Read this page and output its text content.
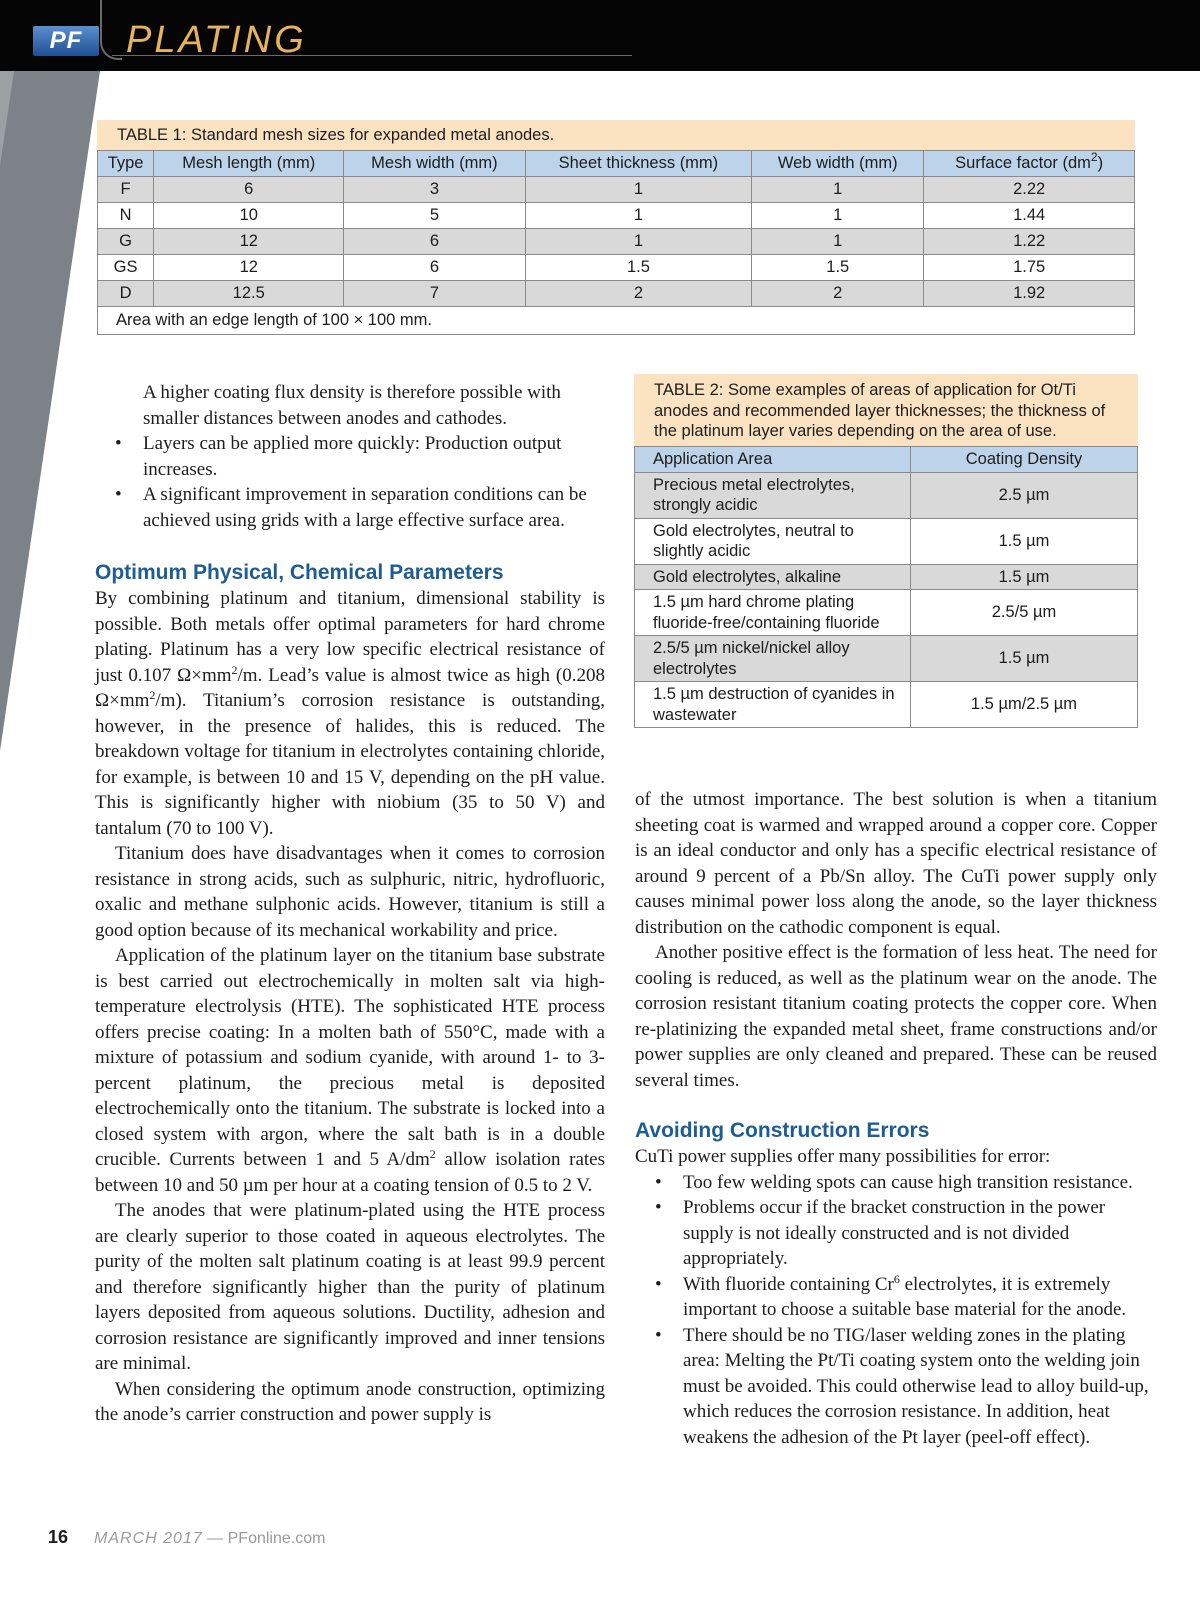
PF	PLATING
TABLE 1: Standard mesh sizes for expanded metal anodes.
Type	Mesh length (mm)	Mesh width (mm)	Sheet thickness (mm)	Web width (mm)	Surface factor $(dm^2)$
F	6	3	1	1	2.22
N	10	5	1	1	1.44
G	12	6	1	1	1.22
GS	12	6	1.5	1.5	1.75
D	12.5	7	2	2	1.92
Area with an edge length of 100 × 100 mm.					
TABLE 2: Some examples of areas of application for Ot/Ti anodes and recommended layer thicknesses; the thickness of the platinum layer varies depending on the area of use.
Application Area	Coating Density
Precious metal electrolytes, strongly acidic	2.5 µm
Gold electrolytes, neutral to slightly acidic	1.5 µm
Gold electrolytes, alkaline	1.5 µm
1.5 µm hard chrome plating fluoride-free/containing fluoride	2.5/5 µm
2.5/5 µm nickel/nickel alloy electrolytes	1.5 µm
1.5 µm destruction of cyanides in wastewater	1.5 µm/2.5 µm

A higher coating flux density is therefore possible with smaller distances between anodes and cathodes.

• Layers can be applied more quickly: Production output increases.
• A significant improvement in separation conditions can be achieved using grids with a large effective surface area.
Optimum Physical, Chemical Parameters

By combining platinum and titanium, dimensional stability is possible. Both metals offer optimal parameters for hard chrome plating. Platinum has a very low specific electrical resistance of just 0.107 $\Omega\times mm^2/m$. Lead’s value is almost twice as high (0.208 $\Omega\times mm^2/m$). Titanium’s corrosion resistance is outstanding, however, in the presence of halides, this is reduced. The breakdown voltage for titanium in electrolytes containing chloride, for example, is between 10 and 15 V, depending on the pH value. This is significantly higher with niobium (35 to 50 V) and tantalum (70 to 100 V).

Titanium does have disadvantages when it comes to corrosion resistance in strong acids, such as sulphuric, nitric, hydrofluoric, oxalic and methane sulphonic acids. However, titanium is still a good option because of its mechanical workability and price.

Application of the platinum layer on the titanium base substrate is best carried out electrochemically in molten salt via high-temperature electrolysis (HTE). The sophisticated HTE process offers precise coating: In a molten bath of 550°C, made with a mixture of potassium and sodium cyanide, with around 1- to 3-percent platinum, the precious metal is deposited electrochemically onto the titanium. The substrate is locked into a closed system with argon, where the salt bath is in a double crucible. Currents between 1 and 5 $A/dm^2$ allow isolation rates between 10 and 50 µm per hour at a coating tension of 0.5 to 2 V.

The anodes that were platinum-plated using the HTE process are clearly superior to those coated in aqueous electrolytes. The purity of the molten salt platinum coating is at least 99.9 percent and therefore significantly higher than the purity of platinum layers deposited from aqueous solutions. Ductility, adhesion and corrosion resistance are significantly improved and inner tensions are minimal.

When considering the optimum anode construction, optimizing the anode’s carrier construction and power supply is

of the utmost importance. The best solution is when a titanium sheeting coat is warmed and wrapped around a copper core. Copper is an ideal conductor and only has a specific electrical resistance of around 9 percent of a Pb/Sn alloy. The CuTi power supply only causes minimal power loss along the anode, so the layer thickness distribution on the cathodic component is equal.

Another positive effect is the formation of less heat. The need for cooling is reduced, as well as the platinum wear on the anode. The corrosion resistant titanium coating protects the copper core. When re-platinizing the expanded metal sheet, frame constructions and/or power supplies are only cleaned and prepared. These can be reused several times.

Avoiding Construction Errors

CuTi power supplies offer many possibilities for error:

• Too few welding spots can cause high transition resistance.
• Problems occur if the bracket construction in the power supply is not ideally constructed and is not divided appropriately.
• With fluoride containing Cr$^6$ electrolytes, it is extremely important to choose a suitable base material for the anode.
• There should be no TIG/laser welding zones in the plating area: Melting the Pt/Ti coating system onto the welding join must be avoided. This could otherwise lead to alloy build-up, which reduces the corrosion resistance. In addition, heat weakens the adhesion of the Pt layer (peel-off effect).
16 MARCH 2017 — PFonline.com
